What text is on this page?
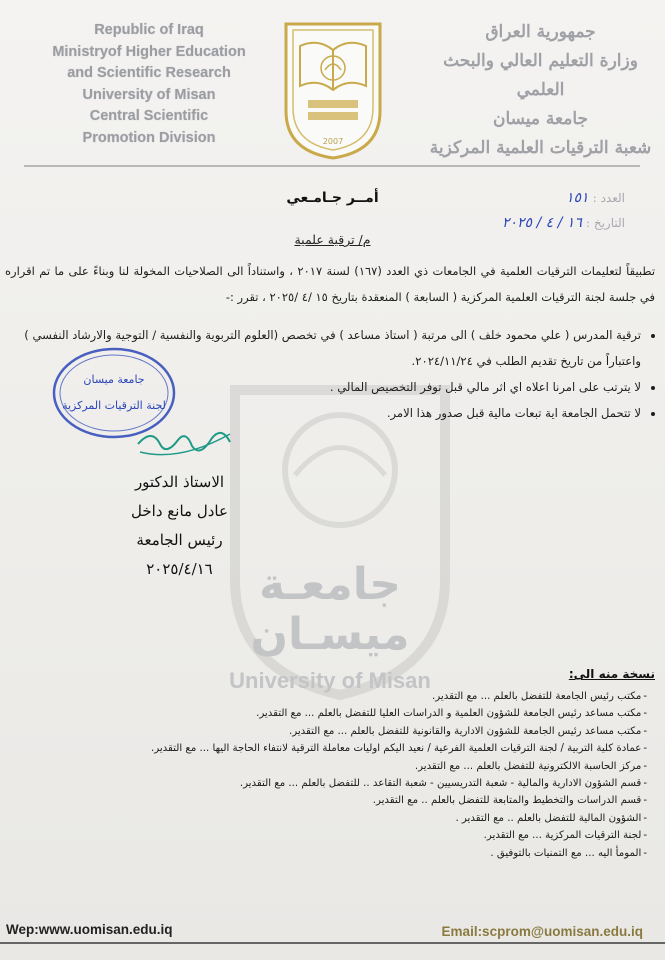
Republic of Iraq
Ministryof Higher Education
and Scientific Research
University of Misan
Central Scientific
Promotion Division	2007
جمهورية العراق
وزارة التعليم العالي والبحث العلمي
جامعة ميسان
شعبة الترقيات العلمية المركزية
العدد : ١٥١
التاريخ : ١٦ / ٤ / ٢٠٢٥
جامعـة ميسـان
University of Misan
أمــر جـامـعي
م/ ترقية علمية
تطبيقاً لتعليمات الترقيات العلمية في الجامعات ذي العدد (١٦٧) لسنة ٢٠١٧ ، واستناداً الى الصلاحيات المخولة لنا وبناءً على ما تم اقراره في جلسة لجنة الترقيات العلمية المركزية ( السابعة ) المنعقدة بتاريخ ١٥ /٤ /٢٠٢٥ ، تقرر :-
• ترقية المدرس ( علي محمود خلف ) الى مرتبة ( استاذ مساعد ) في تخصص (العلوم التربوية والنفسية / التوجية والارشاد النفسي ) واعتباراً من تاريخ تقديم الطلب في ٢٠٢٤/١١/٢٤.
• لا يترتب على امرنا اعلاه اي اثر مالي قبل توفر التخصيص المالي .
• لا تتحمل الجامعة اية تبعات مالية قبل صدور هذا الامر.
جامعة ميسان
لجنة الترقيات المركزية
الاستاذ الدكتور
عادل مانع داخل
رئيس الجامعة
٢٠٢٥/٤/١٦
نسخة منه الى:
- مكتب رئيس الجامعة للتفضل بالعلم ... مع التقدير.
- مكتب مساعد رئيس الجامعة للشؤون العلمية و الدراسات العليا للتفضل بالعلم ... مع التقدير.
- مكتب مساعد رئيس الجامعة للشؤون الادارية والقانونية للتفضل بالعلم ... مع التقدير.
- عمادة كلية التربية / لجنة الترقيات العلمية الفرعية / نعيد اليكم اوليات معاملة الترقية لانتفاء الحاجة اليها ... مع التقدير.
- مركز الحاسبة الالكترونية للتفضل بالعلم ... مع التقدير.
- قسم الشؤون الادارية والمالية - شعبة التدريسيين - شعبة التقاعد .. للتفضل بالعلم ... مع التقدير.
- قسم الدراسات والتخطيط والمتابعة للتفضل بالعلم .. مع التقدير.
- الشؤون المالية للتفضل بالعلم .. مع التقدير .
- لجنة الترقيات المركزية ... مع التقدير.
- المومأ اليه ... مع التمنيات بالتوفيق .
Wep:www.uomisan.edu.iq	Email:scprom@uomisan.edu.iq
